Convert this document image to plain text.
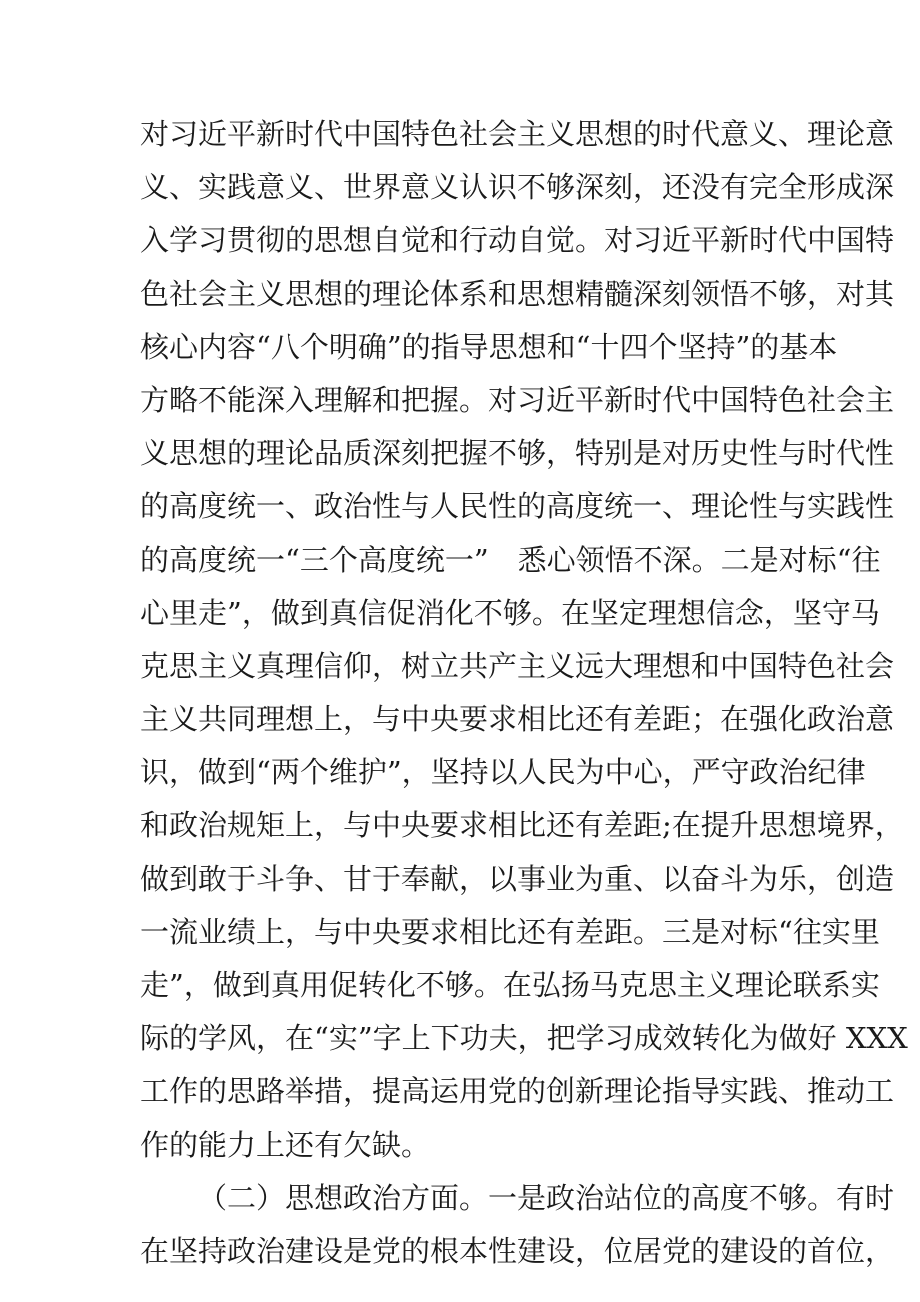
对习近平新时代中国特色社会主义思想的时代意义、理论意
义、实践意义、世界意义认识不够深刻，还没有完全形成深
入学习贯彻的思想自觉和行动自觉。对习近平新时代中国特
色社会主义思想的理论体系和思想精髓深刻领悟不够，对其
核心内容“八个明确”的指导思想和“十四个坚持”的基本
方略不能深入理解和把握。对习近平新时代中国特色社会主
义思想的理论品质深刻把握不够，特别是对历史性与时代性
的高度统一、政治性与人民性的高度统一、理论性与实践性
的高度统一“三个高度统一”　悉心领悟不深。二是对标“往
心里走”，做到真信促消化不够。在坚定理想信念，坚守马
克思主义真理信仰，树立共产主义远大理想和中国特色社会
主义共同理想上，与中央要求相比还有差距；在强化政治意
识，做到“两个维护”，坚持以人民为中心，严守政治纪律
和政治规矩上，与中央要求相比还有差距;在提升思想境界，
做到敢于斗争、甘于奉献，以事业为重、以奋斗为乐，创造
一流业绩上，与中央要求相比还有差距。三是对标“往实里
走”，做到真用促转化不够。在弘扬马克思主义理论联系实
际的学风，在“实”字上下功夫，把学习成效转化为做好 XXX
工作的思路举措，提高运用党的创新理论指导实践、推动工
作的能力上还有欠缺。
（二）思想政治方面。一是政治站位的高度不够。有时
在坚持政治建设是党的根本性建设，位居党的建设的首位，
